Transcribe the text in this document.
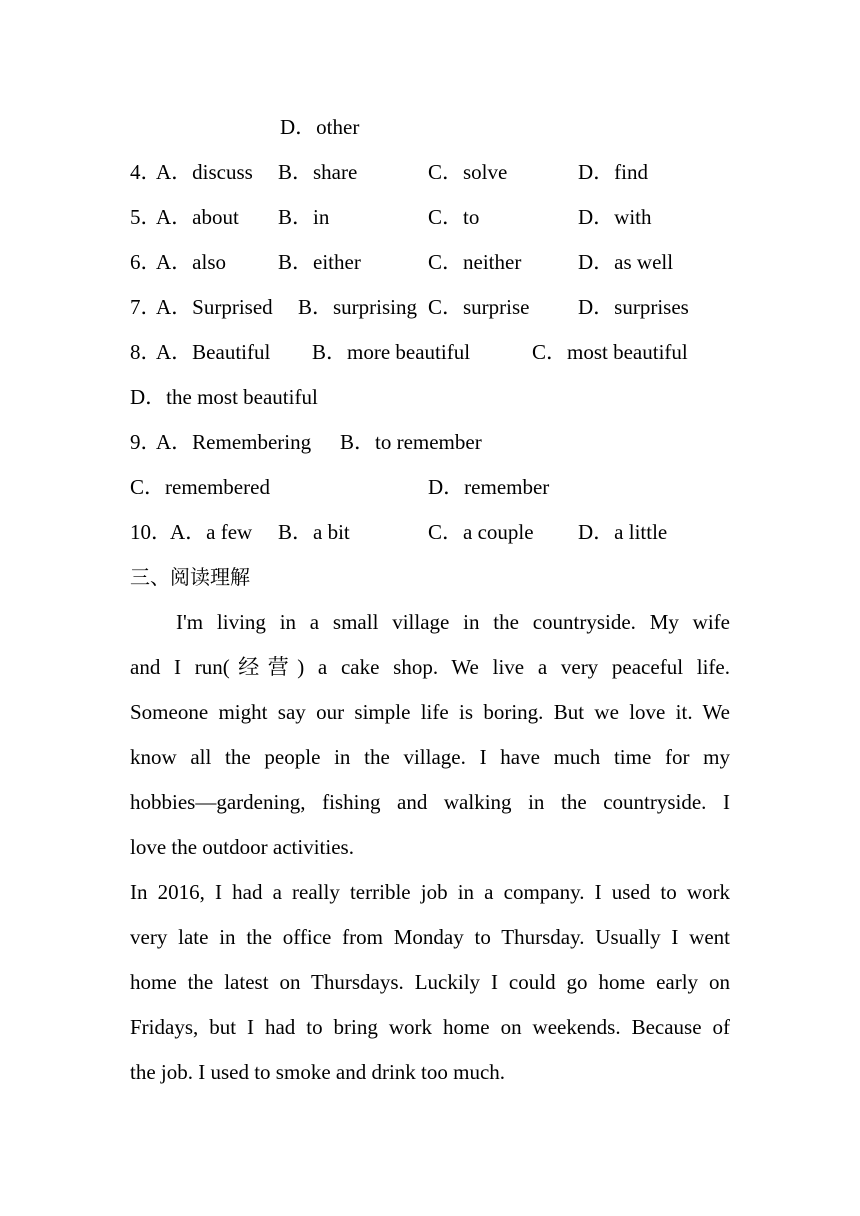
D．other
4．
A．discuss B．share	C．solve	D．find
5．
A．about B．in	C．to	D．with
6．
A．also B．either	C．neither	D．as well
7．
A．Surprised B．surprising C．surprise D．surprises
8．
A．Beautiful B．more beautiful	C．most beautiful
D．the most beautiful
9．
A．Remembering B．to remember
C．remembered	D．remember
10．
A．a few B．a bit	C．a couple D．a little
三、阅读理解
I'm living in a small village in the countryside. My wife
and I run(经营) a cake shop. We live a very peaceful life.
Someone might say our simple life is boring. But we love it. We
know all the people in the village. I have much time for my
hobbies—gardening, fishing and walking in the countryside. I
love the outdoor activities.
In 2016, I had a really terrible job in a company. I used to work
very late in the office from Monday to Thursday. Usually I went
home the latest on Thursdays. Luckily I could go home early on
Fridays, but I had to bring work home on weekends. Because of
the job. I used to smoke and drink too much.
